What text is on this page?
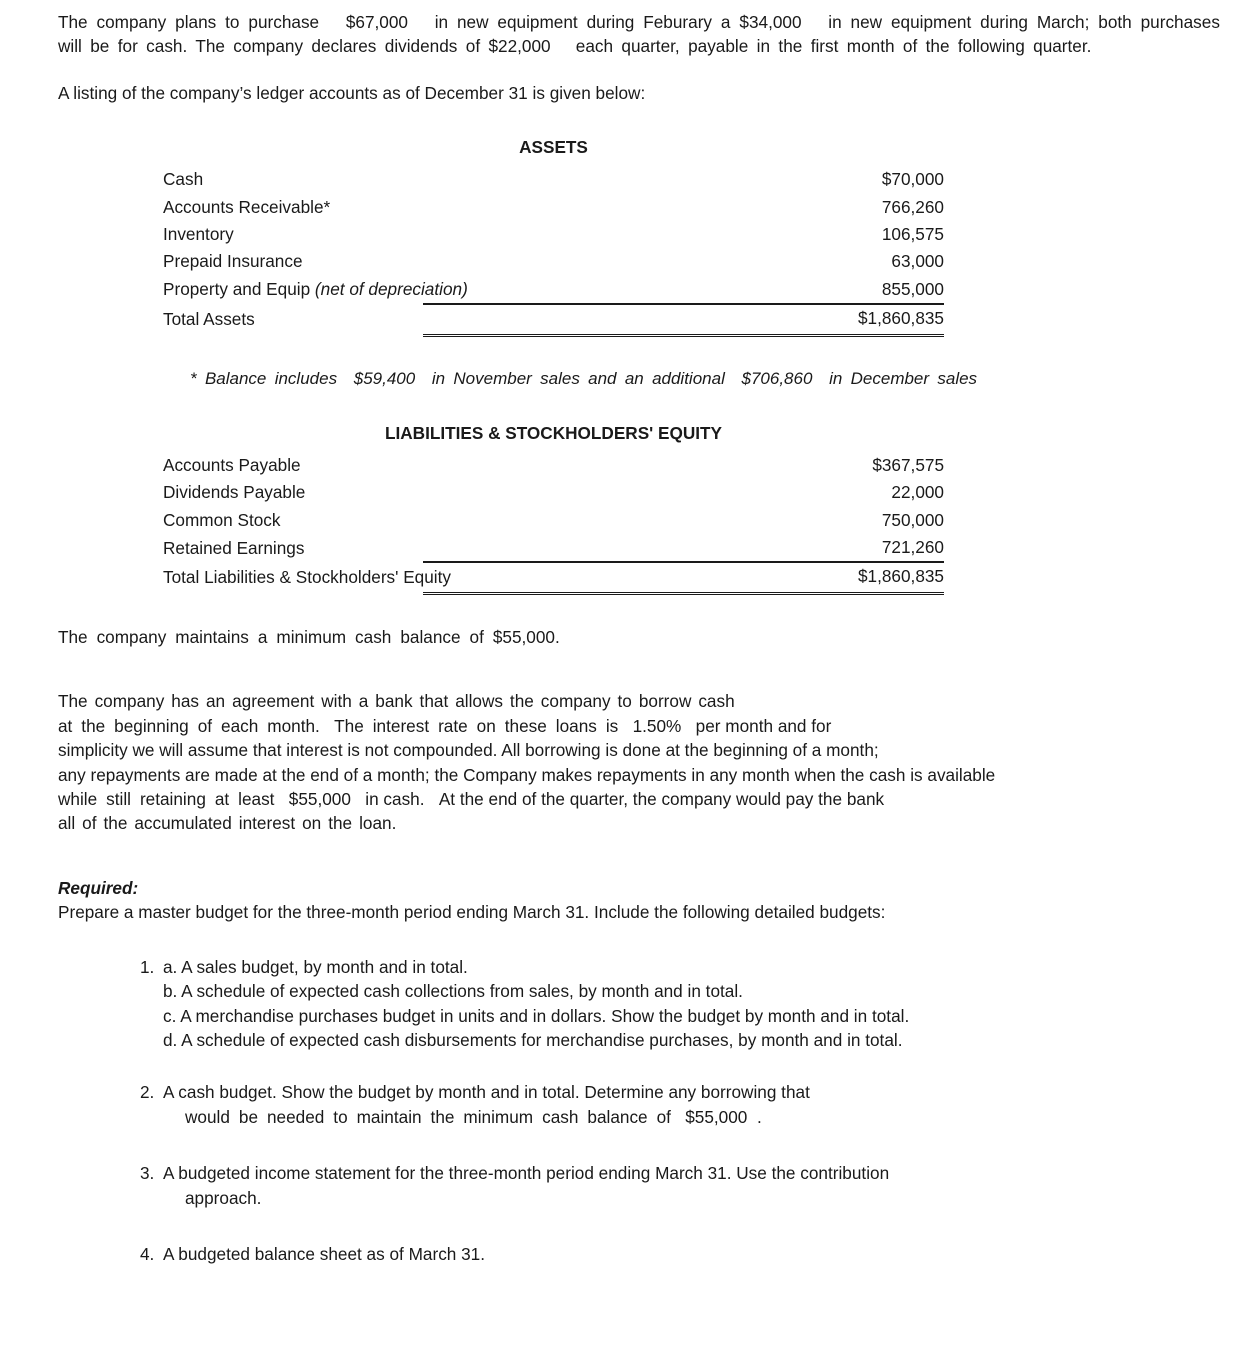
The company plans to purchase $67,000 in new equipment during Feburary a $34,000 in new equipment during March; both purchases will be for cash. The company declares dividends of $22,000 each quarter, payable in the first month of the following quarter.
A listing of the company’s ledger accounts as of December 31 is given below:
ASSETS		
Cash		$70,000
Accounts Receivable*		766,260
Inventory		106,575
Prepaid Insurance		63,000
Property and Equip (net of depreciation)		855,000
Total Assets		$1,860,835
* Balance includes $59,400 in November sales and an additional $706,860 in December sales
LIABILITIES & STOCKHOLDERS' EQUITY		
Accounts Payable		$367,575
Dividends Payable		22,000
Common Stock		750,000
Retained Earnings		721,260
Total Liabilities & Stockholders' Equity		$1,860,835
The company maintains a minimum cash balance of $55,000.
The company has an agreement with a bank that allows the company to borrow cash
at the beginning of each month. The interest rate on these loans is 1.50% per month and for
simplicity we will assume that interest is not compounded. All borrowing is done at the beginning of a month;
any repayments are made at the end of a month; the Company makes repayments in any month when the cash is available
while still retaining at least $55,000 in cash. At the end of the quarter, the company would pay the bank
all of the accumulated interest on the loan.
Required:
Prepare a master budget for the three-month period ending March 31. Include the following detailed budgets:
1. a. A sales budget, by month and in total.
b. A schedule of expected cash collections from sales, by month and in total.
c. A merchandise purchases budget in units and in dollars. Show the budget by month and in total.
d. A schedule of expected cash disbursements for merchandise purchases, by month and in total.
2. A cash budget. Show the budget by month and in total. Determine any borrowing that
would be needed to maintain the minimum cash balance of $55,000 .
3. A budgeted income statement for the three-month period ending March 31. Use the contribution
approach.
4. A budgeted balance sheet as of March 31.
